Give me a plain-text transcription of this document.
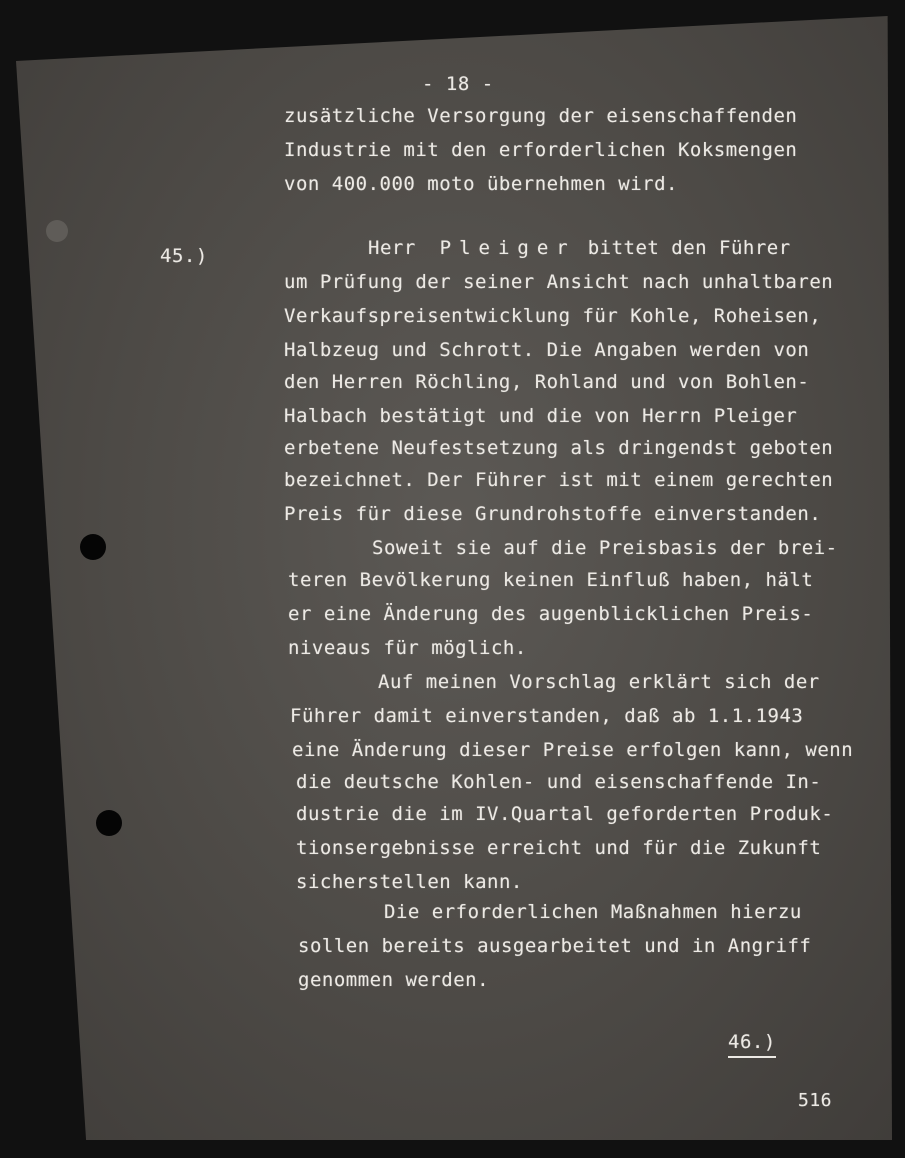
- 18 -
zusätzliche Versorgung der eisenschaffenden
Industrie mit den erforderlichen Koksmengen
von 400.000 moto übernehmen wird.
45.)	Herr Pleiger bittet den Führer
um Prüfung der seiner Ansicht nach unhaltbaren
Verkaufspreisentwicklung für Kohle, Roheisen,
Halbzeug und Schrott. Die Angaben werden von
den Herren Röchling, Rohland und von Bohlen-
Halbach bestätigt und die von Herrn Pleiger
erbetene Neufestsetzung als dringendst geboten
bezeichnet. Der Führer ist mit einem gerechten
Preis für diese Grundrohstoffe einverstanden.
Soweit sie auf die Preisbasis der brei-
teren Bevölkerung keinen Einfluß haben, hält
er eine Änderung des augenblicklichen Preis-
niveaus für möglich.
Auf meinen Vorschlag erklärt sich der
Führer damit einverstanden, daß ab 1.1.1943
eine Änderung dieser Preise erfolgen kann, wenn
die deutsche Kohlen- und eisenschaffende In-
dustrie die im IV.Quartal geforderten Produk-
tionsergebnisse erreicht und für die Zukunft
sicherstellen kann.
Die erforderlichen Maßnahmen hierzu
sollen bereits ausgearbeitet und in Angriff
genommen werden.
46.)
516
